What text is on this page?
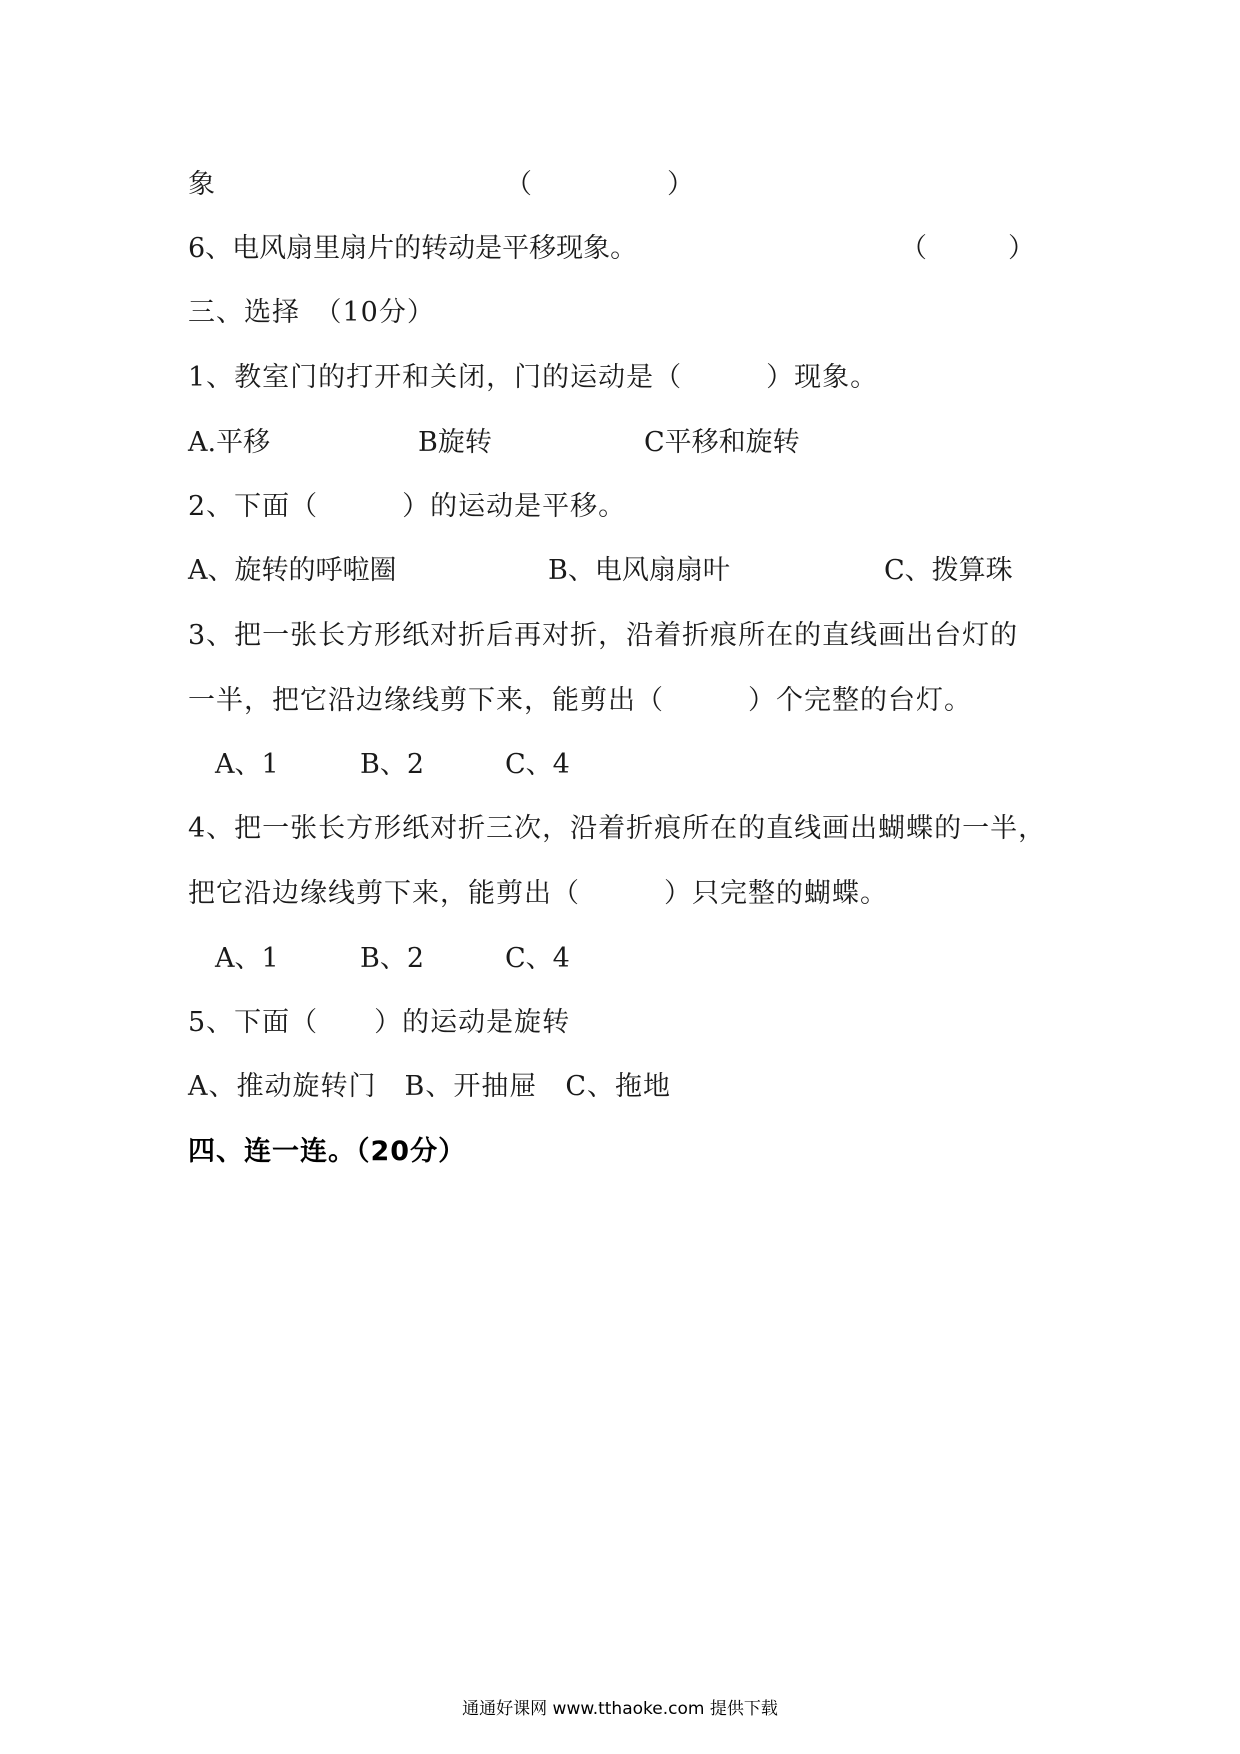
象	（　　　　　）
6、电风扇里扇片的转动是平移现象。	（　　　）
三、选择　（10分）
1、教室门的打开和关闭，门的运动是（　　　）现象。
A.平移	B旋转	C平移和旋转
2、下面（　　　）的运动是平移。
A、旋转的呼啦圈	B、电风扇扇叶	C、拨算珠
3、把一张长方形纸对折后再对折，沿着折痕所在的直线画出台灯的
一半，把它沿边缘线剪下来，能剪出（　　　）个完整的台灯。
A、1	B、2	C、4
4、把一张长方形纸对折三次，沿着折痕所在的直线画出蝴蝶的一半，
把它沿边缘线剪下来，能剪出（　　　）只完整的蝴蝶。
A、1	B、2	C、4
5、下面（　　）的运动是旋转
A、推动旋转门　B、开抽屉　C、拖地
四、连一连。（20分）
通通好课网 www.tthaoke.com 提供下载
